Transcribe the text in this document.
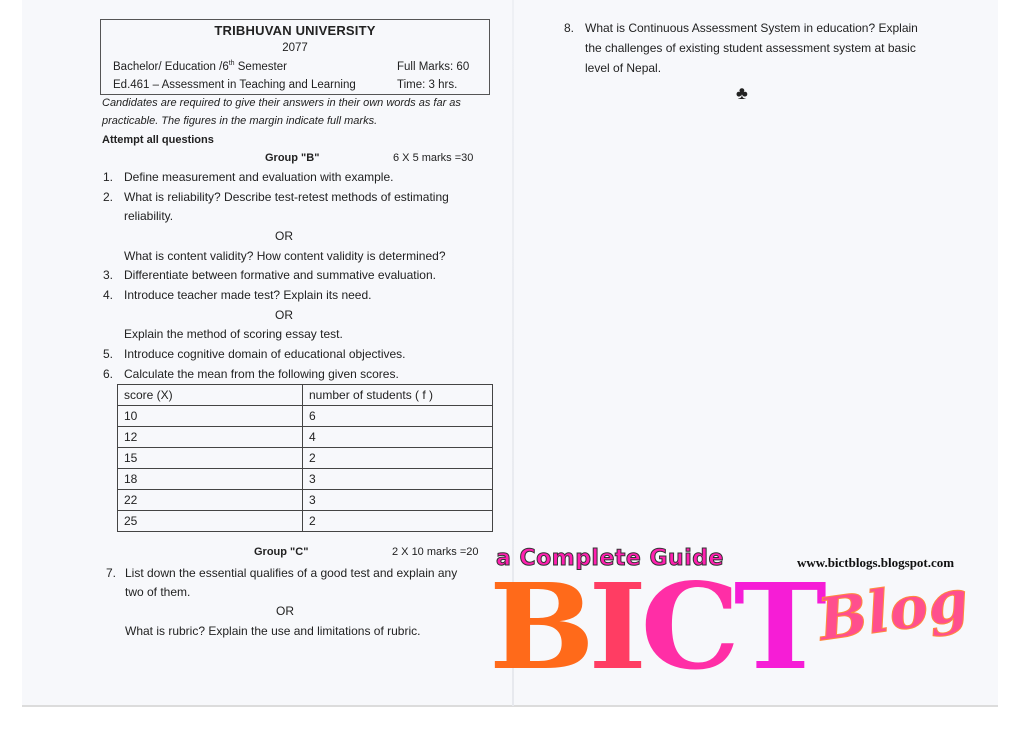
TRIBHUVAN UNIVERSITY
2077
Bachelor/ Education /6th Semester	Full Marks: 60
Ed.461 – Assessment in Teaching and Learning	Time: 3 hrs.
Candidates are required to give their answers in their own words as far as
practicable. The figures in the margin indicate full marks.
Attempt all questions
Group "B"	6 X 5 marks =30
1. Define measurement and evaluation with example.
2. What is reliability? Describe test-retest methods of estimating
reliability.
OR
What is content validity? How content validity is determined?
3. Differentiate between formative and summative evaluation.
4. Introduce teacher made test? Explain its need.
OR
Explain the method of scoring essay test.
5. Introduce cognitive domain of educational objectives.
6. Calculate the mean from the following given scores.
score (X)	number of students ( f )
10	6
12	4
15	2
18	3
22	3
25	2
Group "C"	2 X 10 marks =20
7. List down the essential qualifies of a good test and explain any
two of them.
OR
What is rubric? Explain the use and limitations of rubric.
8. What is Continuous Assessment System in education? Explain
the challenges of existing student assessment system at basic
level of Nepal.
♣
a Complete Guide	www.bictblogs.blogspot.com
BICT
Blog
